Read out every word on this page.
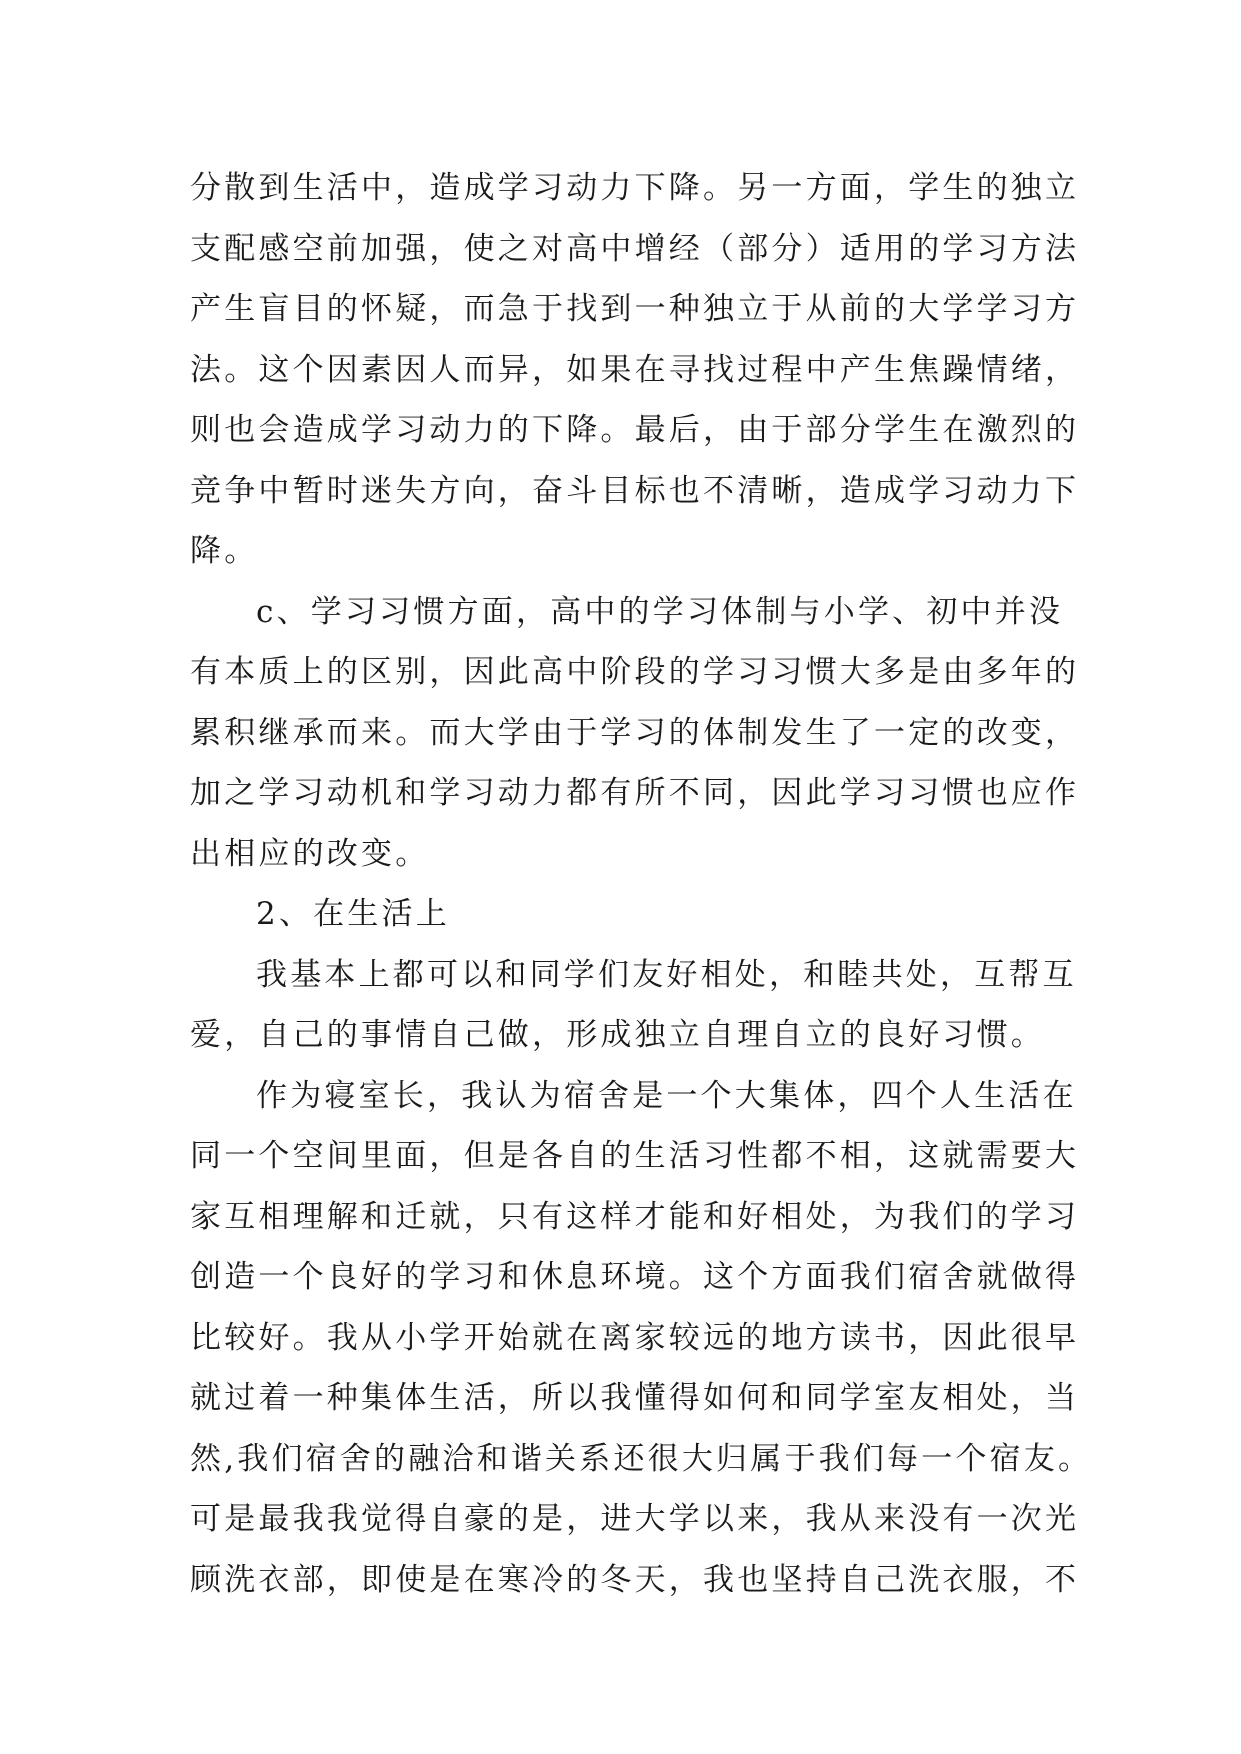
分散到生活中，造成学习动力下降。另一方面，学生的独立
支配感空前加强，使之对高中增经（部分）适用的学习方法
产生盲目的怀疑，而急于找到一种独立于从前的大学学习方
法。这个因素因人而异，如果在寻找过程中产生焦躁情绪，
则也会造成学习动力的下降。最后，由于部分学生在激烈的
竞争中暂时迷失方向，奋斗目标也不清晰，造成学习动力下
降。
c、学习习惯方面，高中的学习体制与小学、初中并没
有本质上的区别，因此高中阶段的学习习惯大多是由多年的
累积继承而来。而大学由于学习的体制发生了一定的改变，
加之学习动机和学习动力都有所不同，因此学习习惯也应作
出相应的改变。
2、在生活上
我基本上都可以和同学们友好相处，和睦共处，互帮互
爱，自己的事情自己做，形成独立自理自立的良好习惯。
作为寝室长，我认为宿舍是一个大集体，四个人生活在
同一个空间里面，但是各自的生活习性都不相，这就需要大
家互相理解和迁就，只有这样才能和好相处，为我们的学习
创造一个良好的学习和休息环境。这个方面我们宿舍就做得
比较好。我从小学开始就在离家较远的地方读书，因此很早
就过着一种集体生活，所以我懂得如何和同学室友相处，当
然,我们宿舍的融洽和谐关系还很大归属于我们每一个宿友。
可是最我我觉得自豪的是，进大学以来，我从来没有一次光
顾洗衣部，即使是在寒冷的冬天，我也坚持自己洗衣服，不
